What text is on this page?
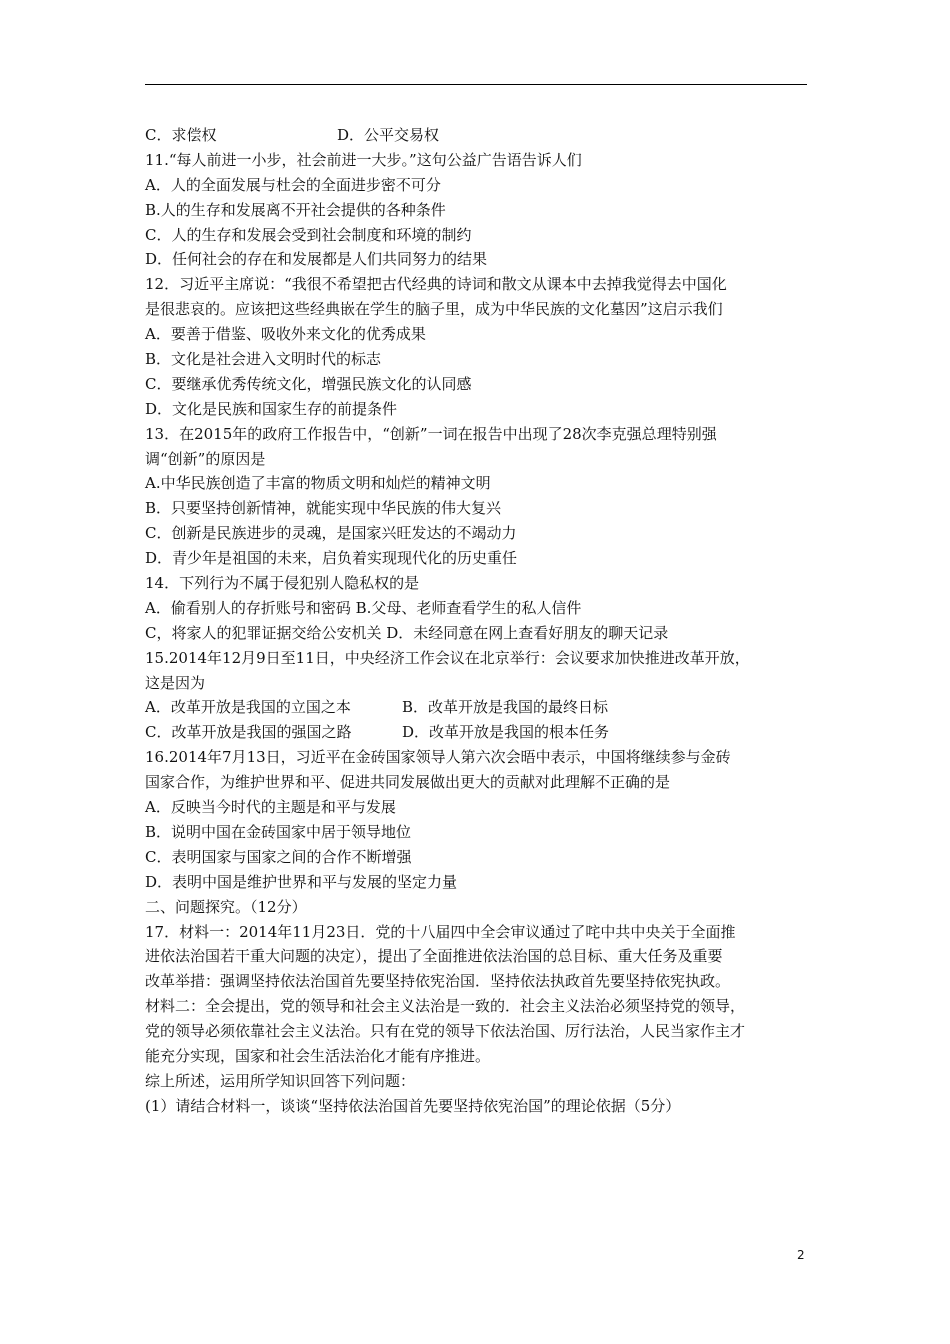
C．求偿权	D．公平交易权
11.“每人前进一小步，社会前进一大步。”这句公益广告语告诉人们
A．人的全面发展与杜会的全面进步密不可分
B.人的生存和发展离不开社会提供的各种条件
C．人的生存和发展会受到社会制度和环境的制约
D．任何社会的存在和发展都是人们共同努力的结果
12．习近平主席说：“我很不希望把古代经典的诗词和散文从课本中去掉我觉得去中国化
是很悲哀的。应该把这些经典嵌在学生的脑子里，成为中华民族的文化墓因”这启示我们
A．要善于借鉴、吸收外来文化的优秀成果
B．文化是社会进入文明时代的标志
C．要继承优秀传统文化，增强民族文化的认同感
D．文化是民族和国家生存的前提条件
13．在2015年的政府工作报告中，“创新”一词在报告中出现了28次李克强总理特别强
调“创新”的原因是
A.中华民族创造了丰富的物质文明和灿烂的精神文明
B．只要坚持创新情神，就能实现中华民族的伟大复兴
C．创新是民族进步的灵魂，是国家兴旺发达的不竭动力
D．青少年是祖国的未来，启负着实现现代化的历史重任
14．下列行为不属于侵犯别人隐私权的是
A．偷看别人的存折账号和密码 B.父母、老师查看学生的私人信件
C，将家人的犯罪证据交给公安机关 D．未经同意在网上查看好朋友的聊天记录
15.2014年12月9日至11日，中央经济工作会议在北京举行：会议要求加快推进改革开放，
这是因为
A．改革开放是我国的立国之本	B．改革开放是我国的最终日标
C．改革开放是我国的强国之路	D．改革开放是我国的根本任务
16.2014年7月13日，习近平在金砖国家领导人第六次会晤中表示，中国将继续参与金砖
国家合作，为维护世界和平、促进共同发展做出更大的贡献对此理解不正确的是
A．反映当今时代的主题是和平与发展
B．说明中国在金砖国家中居于领导地位
C．表明国家与国家之间的合作不断增强
D．表明中国是维护世界和平与发展的坚定力量
二、问题探究。（12分）
17．材料一：2014年11月23日．党的十八届四中全会审议通过了咤中共中央关于全面推
进依法治国若干重大问题的决定），提出了全面推进依法治国的总目标、重大任务及重要
改革举措：强调坚持依法治国首先要坚持依宪治国．坚持依法执政首先要坚持依宪执政。
材料二：全会提出，党的领导和社会主义法治是一致的．社会主义法治必须坚持党的领导，
党的领导必须依靠社会主义法治。只有在党的领导下依法治国、厉行法治，人民当家作主才
能充分实现，国家和社会生活法治化才能有序推进。
综上所述，运用所学知识回答下列问题：
(1）请结合材料一，谈谈“坚持依法治国首先要坚持依宪治国”的理论依据（5分）
2
